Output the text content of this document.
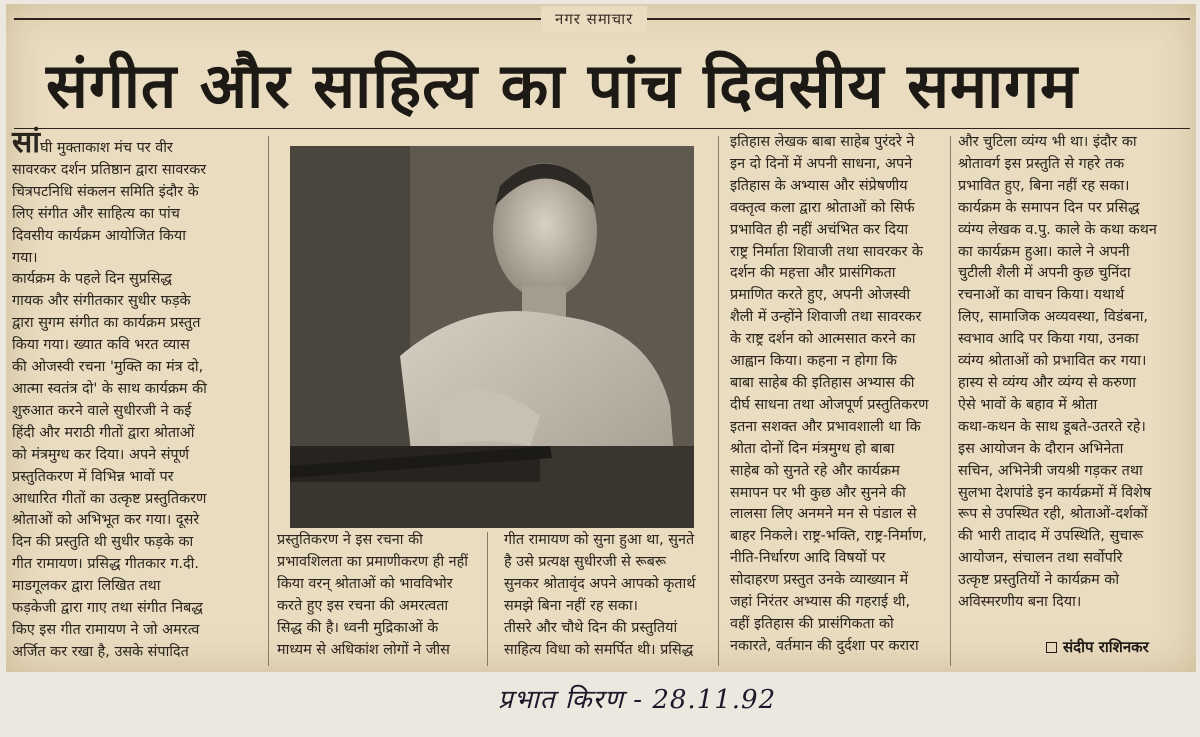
नगर समाचार
संगीत और साहित्य का पांच दिवसीय समागम
सांघी मुक्ताकाश मंच पर वीर
सावरकर दर्शन प्रतिष्ठान द्वारा सावरकर
चित्रपटनिधि संकलन समिति इंदौर के
लिए संगीत और साहित्य का पांच
दिवसीय कार्यक्रम आयोजित किया
गया।
कार्यक्रम के पहले दिन सुप्रसिद्ध
गायक और संगीतकार सुधीर फड़के
द्वारा सुगम संगीत का कार्यक्रम प्रस्तुत
किया गया। ख्यात कवि भरत व्यास
की ओजस्वी रचना 'मुक्ति का मंत्र दो,
आत्मा स्वतंत्र दो' के साथ कार्यक्रम की
शुरुआत करने वाले सुधीरजी ने कई
हिंदी और मराठी गीतों द्वारा श्रोताओं
को मंत्रमुग्ध कर दिया। अपने संपूर्ण
प्रस्तुतिकरण में विभिन्न भावों पर
आधारित गीतों का उत्कृष्ट प्रस्तुतिकरण
श्रोताओं को अभिभूत कर गया। दूसरे
दिन की प्रस्तुति थी सुधीर फड़के का
गीत रामायण। प्रसिद्ध गीतकार ग.दी.
माडगूलकर द्वारा लिखित तथा
फड़केजी द्वारा गाए तथा संगीत निबद्ध
किए इस गीत रामायण ने जो अमरत्व
अर्जित कर रखा है, उसके संपादित
प्रस्तुतिकरण ने इस रचना की
प्रभावशिलता का प्रमाणीकरण ही नहीं
किया वरन् श्रोताओं को भावविभोर
करते हुए इस रचना की अमरत्वता
सिद्ध की है। ध्वनी मुद्रिकाओं के
माध्यम से अधिकांश लोगों ने जीस
गीत रामायण को सुना हुआ था, सुनते
है उसे प्रत्यक्ष सुधीरजी से रूबरू
सुनकर श्रोतावृंद अपने आपको कृतार्थ
समझे बिना नहीं रह सका।
तीसरे और चौथे दिन की प्रस्तुतियां
साहित्य विधा को समर्पित थी। प्रसिद्ध
इतिहास लेखक बाबा साहेब पुरंदरे ने
इन दो दिनों में अपनी साधना, अपने
इतिहास के अभ्यास और संप्रेषणीय
वक्तृत्व कला द्वारा श्रोताओं को सिर्फ
प्रभावित ही नहीं अचंभित कर दिया
राष्ट्र निर्माता शिवाजी तथा सावरकर के
दर्शन की महत्ता और प्रासंगिकता
प्रमाणित करते हुए, अपनी ओजस्वी
शैली में उन्होंने शिवाजी तथा सावरकर
के राष्ट्र दर्शन को आत्मसात करने का
आह्वान किया। कहना न होगा कि
बाबा साहेब की इतिहास अभ्यास की
दीर्घ साधना तथा ओजपूर्ण प्रस्तुतिकरण
इतना सशक्त और प्रभावशाली था कि
श्रोता दोनों दिन मंत्रमुग्ध हो बाबा
साहेब को सुनते रहे और कार्यक्रम
समापन पर भी कुछ और सुनने की
लालसा लिए अनमने मन से पंडाल से
बाहर निकले। राष्ट्र-भक्ति, राष्ट्र-निर्माण,
नीति-निर्धारण आदि विषयों पर
सोदाहरण प्रस्तुत उनके व्याख्यान में
जहां निरंतर अभ्यास की गहराई थी,
वहीं इतिहास की प्रासंगिकता को
नकारते, वर्तमान की दुर्दशा पर करारा
और चुटिला व्यंग्य भी था। इंदौर का
श्रोतावर्ग इस प्रस्तुति से गहरे तक
प्रभावित हुए, बिना नहीं रह सका।
कार्यक्रम के समापन दिन पर प्रसिद्ध
व्यंग्य लेखक व.पु. काले के कथा कथन
का कार्यक्रम हुआ। काले ने अपनी
चुटीली शैली में अपनी कुछ चुनिंदा
रचनाओं का वाचन किया। यथार्थ
लिए, सामाजिक अव्यवस्था, विडंबना,
स्वभाव आदि पर किया गया, उनका
व्यंग्य श्रोताओं को प्रभावित कर गया।
हास्य से व्यंग्य और व्यंग्य से करुणा
ऐसे भावों के बहाव में श्रोता
कथा-कथन के साथ डूबते-उतरते रहे।
इस आयोजन के दौरान अभिनेता
सचिन, अभिनेत्री जयश्री गड़कर तथा
सुलभा देशपांडे इन कार्यक्रमों में विशेष
रूप से उपस्थित रही, श्रोताओं-दर्शकों
की भारी तादाद में उपस्थिति, सुचारू
आयोजन, संचालन तथा सर्वोपरि
उत्कृष्ट प्रस्तुतियों ने कार्यक्रम को
अविस्मरणीय बना दिया।
संदीप राशिनकर
प्रभात किरण - 28.11.92
